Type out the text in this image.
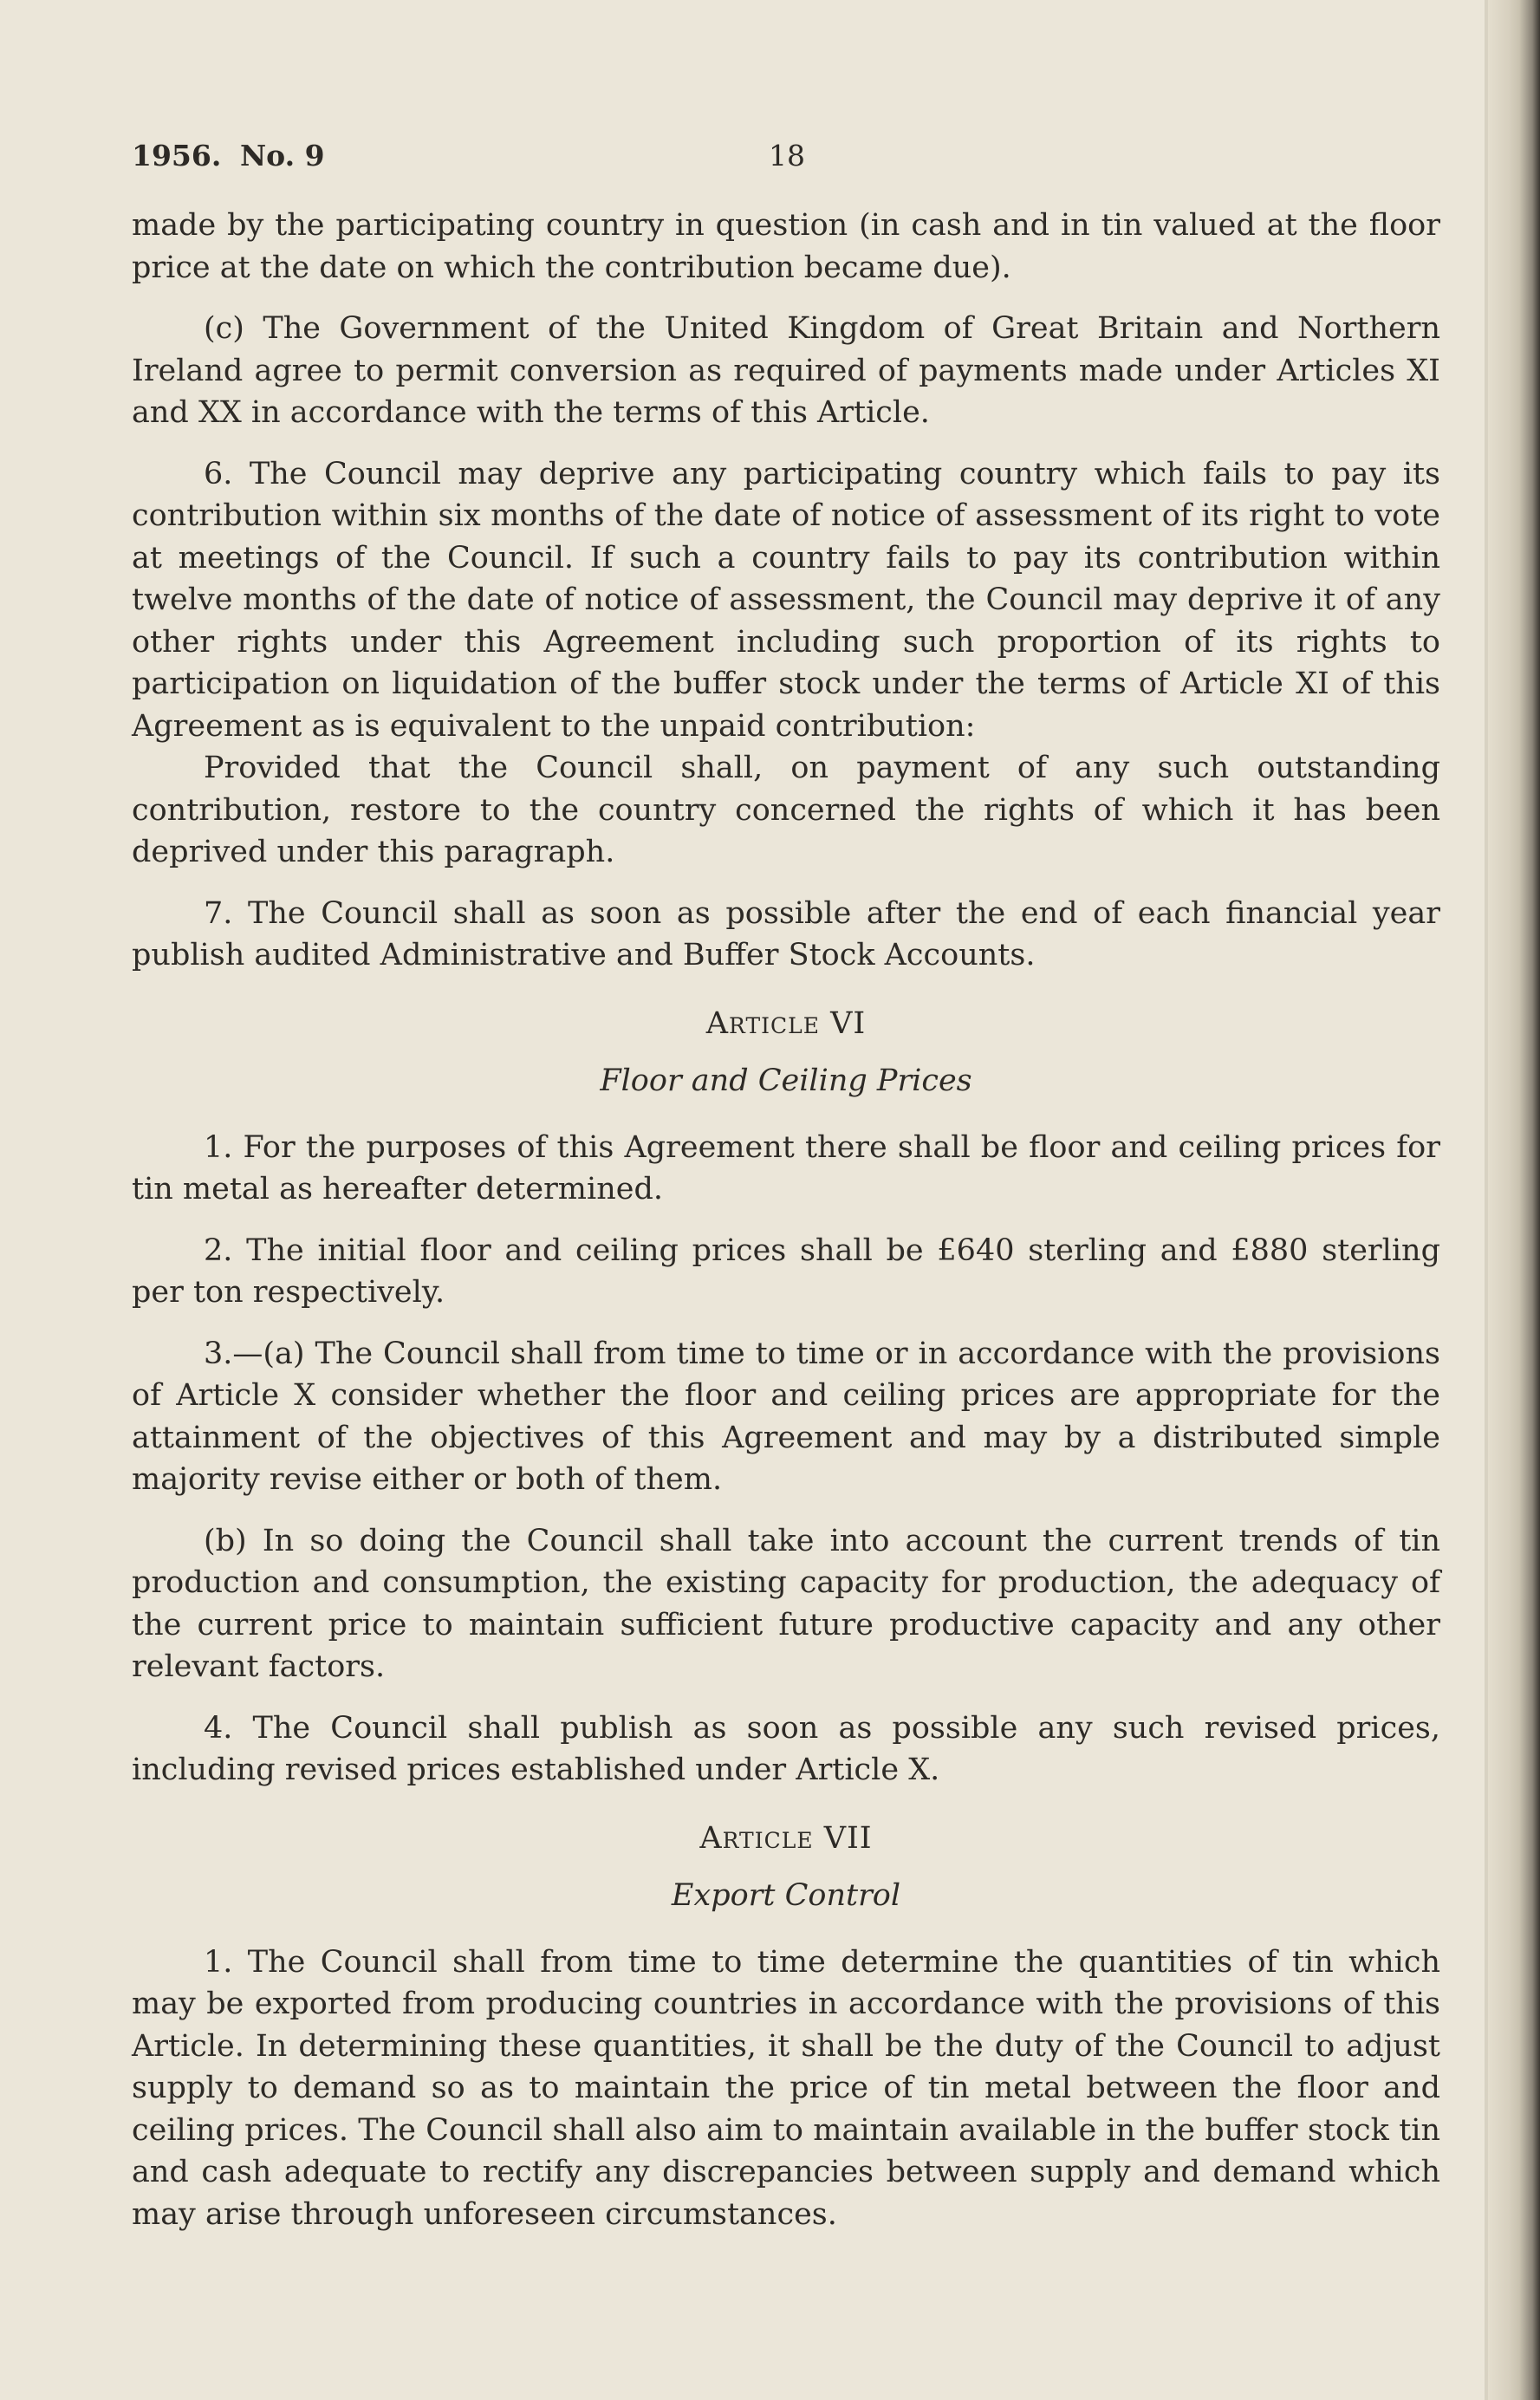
1956. No. 9	18

made by the participating country in question (in cash and in tin valued at the floor price at the date on which the contribution became due).

(c) The Government of the United Kingdom of Great Britain and Northern Ireland agree to permit conversion as required of payments made under Articles XI and XX in accordance with the terms of this Article.

6. The Council may deprive any participating country which fails to pay its contribution within six months of the date of notice of assessment of its right to vote at meetings of the Council. If such a country fails to pay its contribution within twelve months of the date of notice of assessment, the Council may deprive it of any other rights under this Agreement including such proportion of its rights to participation on liquidation of the buffer stock under the terms of Article XI of this Agreement as is equivalent to the unpaid contribution:

Provided that the Council shall, on payment of any such outstanding contribution, restore to the country concerned the rights of which it has been deprived under this paragraph.

7. The Council shall as soon as possible after the end of each financial year publish audited Administrative and Buffer Stock Accounts.

Article VI

Floor and Ceiling Prices

1. For the purposes of this Agreement there shall be floor and ceiling prices for tin metal as hereafter determined.

2. The initial floor and ceiling prices shall be £640 sterling and £880 sterling per ton respectively.

3.—(a) The Council shall from time to time or in accordance with the provisions of Article X consider whether the floor and ceiling prices are appropriate for the attainment of the objectives of this Agreement and may by a distributed simple majority revise either or both of them.

(b) In so doing the Council shall take into account the current trends of tin production and consumption, the existing capacity for production, the adequacy of the current price to maintain sufficient future productive capacity and any other relevant factors.

4. The Council shall publish as soon as possible any such revised prices, including revised prices established under Article X.

Article VII

Export Control

1. The Council shall from time to time determine the quantities of tin which may be exported from producing countries in accordance with the provisions of this Article. In determining these quantities, it shall be the duty of the Council to adjust supply to demand so as to maintain the price of tin metal between the floor and ceiling prices. The Council shall also aim to maintain available in the buffer stock tin and cash adequate to rectify any discrepancies between supply and demand which may arise through unforeseen circumstances.
